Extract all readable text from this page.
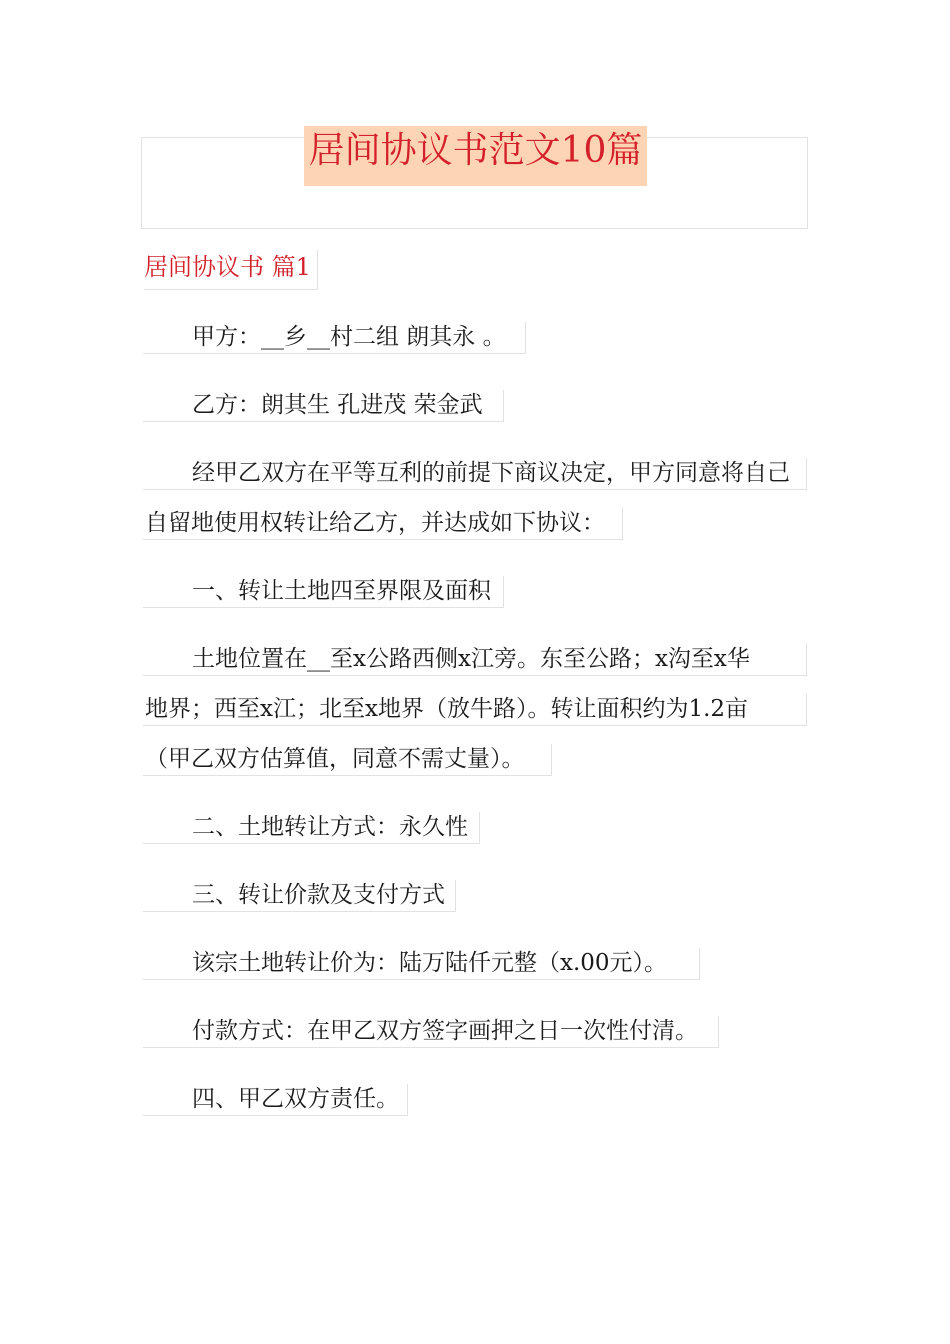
居间协议书范文10篇
居间协议书 篇1
甲方：__乡__村二组 朗其永 。
乙方：朗其生 孔进茂 荣金武
经甲乙双方在平等互利的前提下商议决定，甲方同意将自己
自留地使用权转让给乙方，并达成如下协议：
一、转让土地四至界限及面积
土地位置在__至x公路西侧x江旁。东至公路；x沟至x华
地界；西至x江；北至x地界（放牛路）。转让面积约为1.2亩
（甲乙双方估算值，同意不需丈量）。
二、土地转让方式：永久性
三、转让价款及支付方式
该宗土地转让价为：陆万陆仟元整（x.00元）。
付款方式：在甲乙双方签字画押之日一次性付清。
四、甲乙双方责任。
